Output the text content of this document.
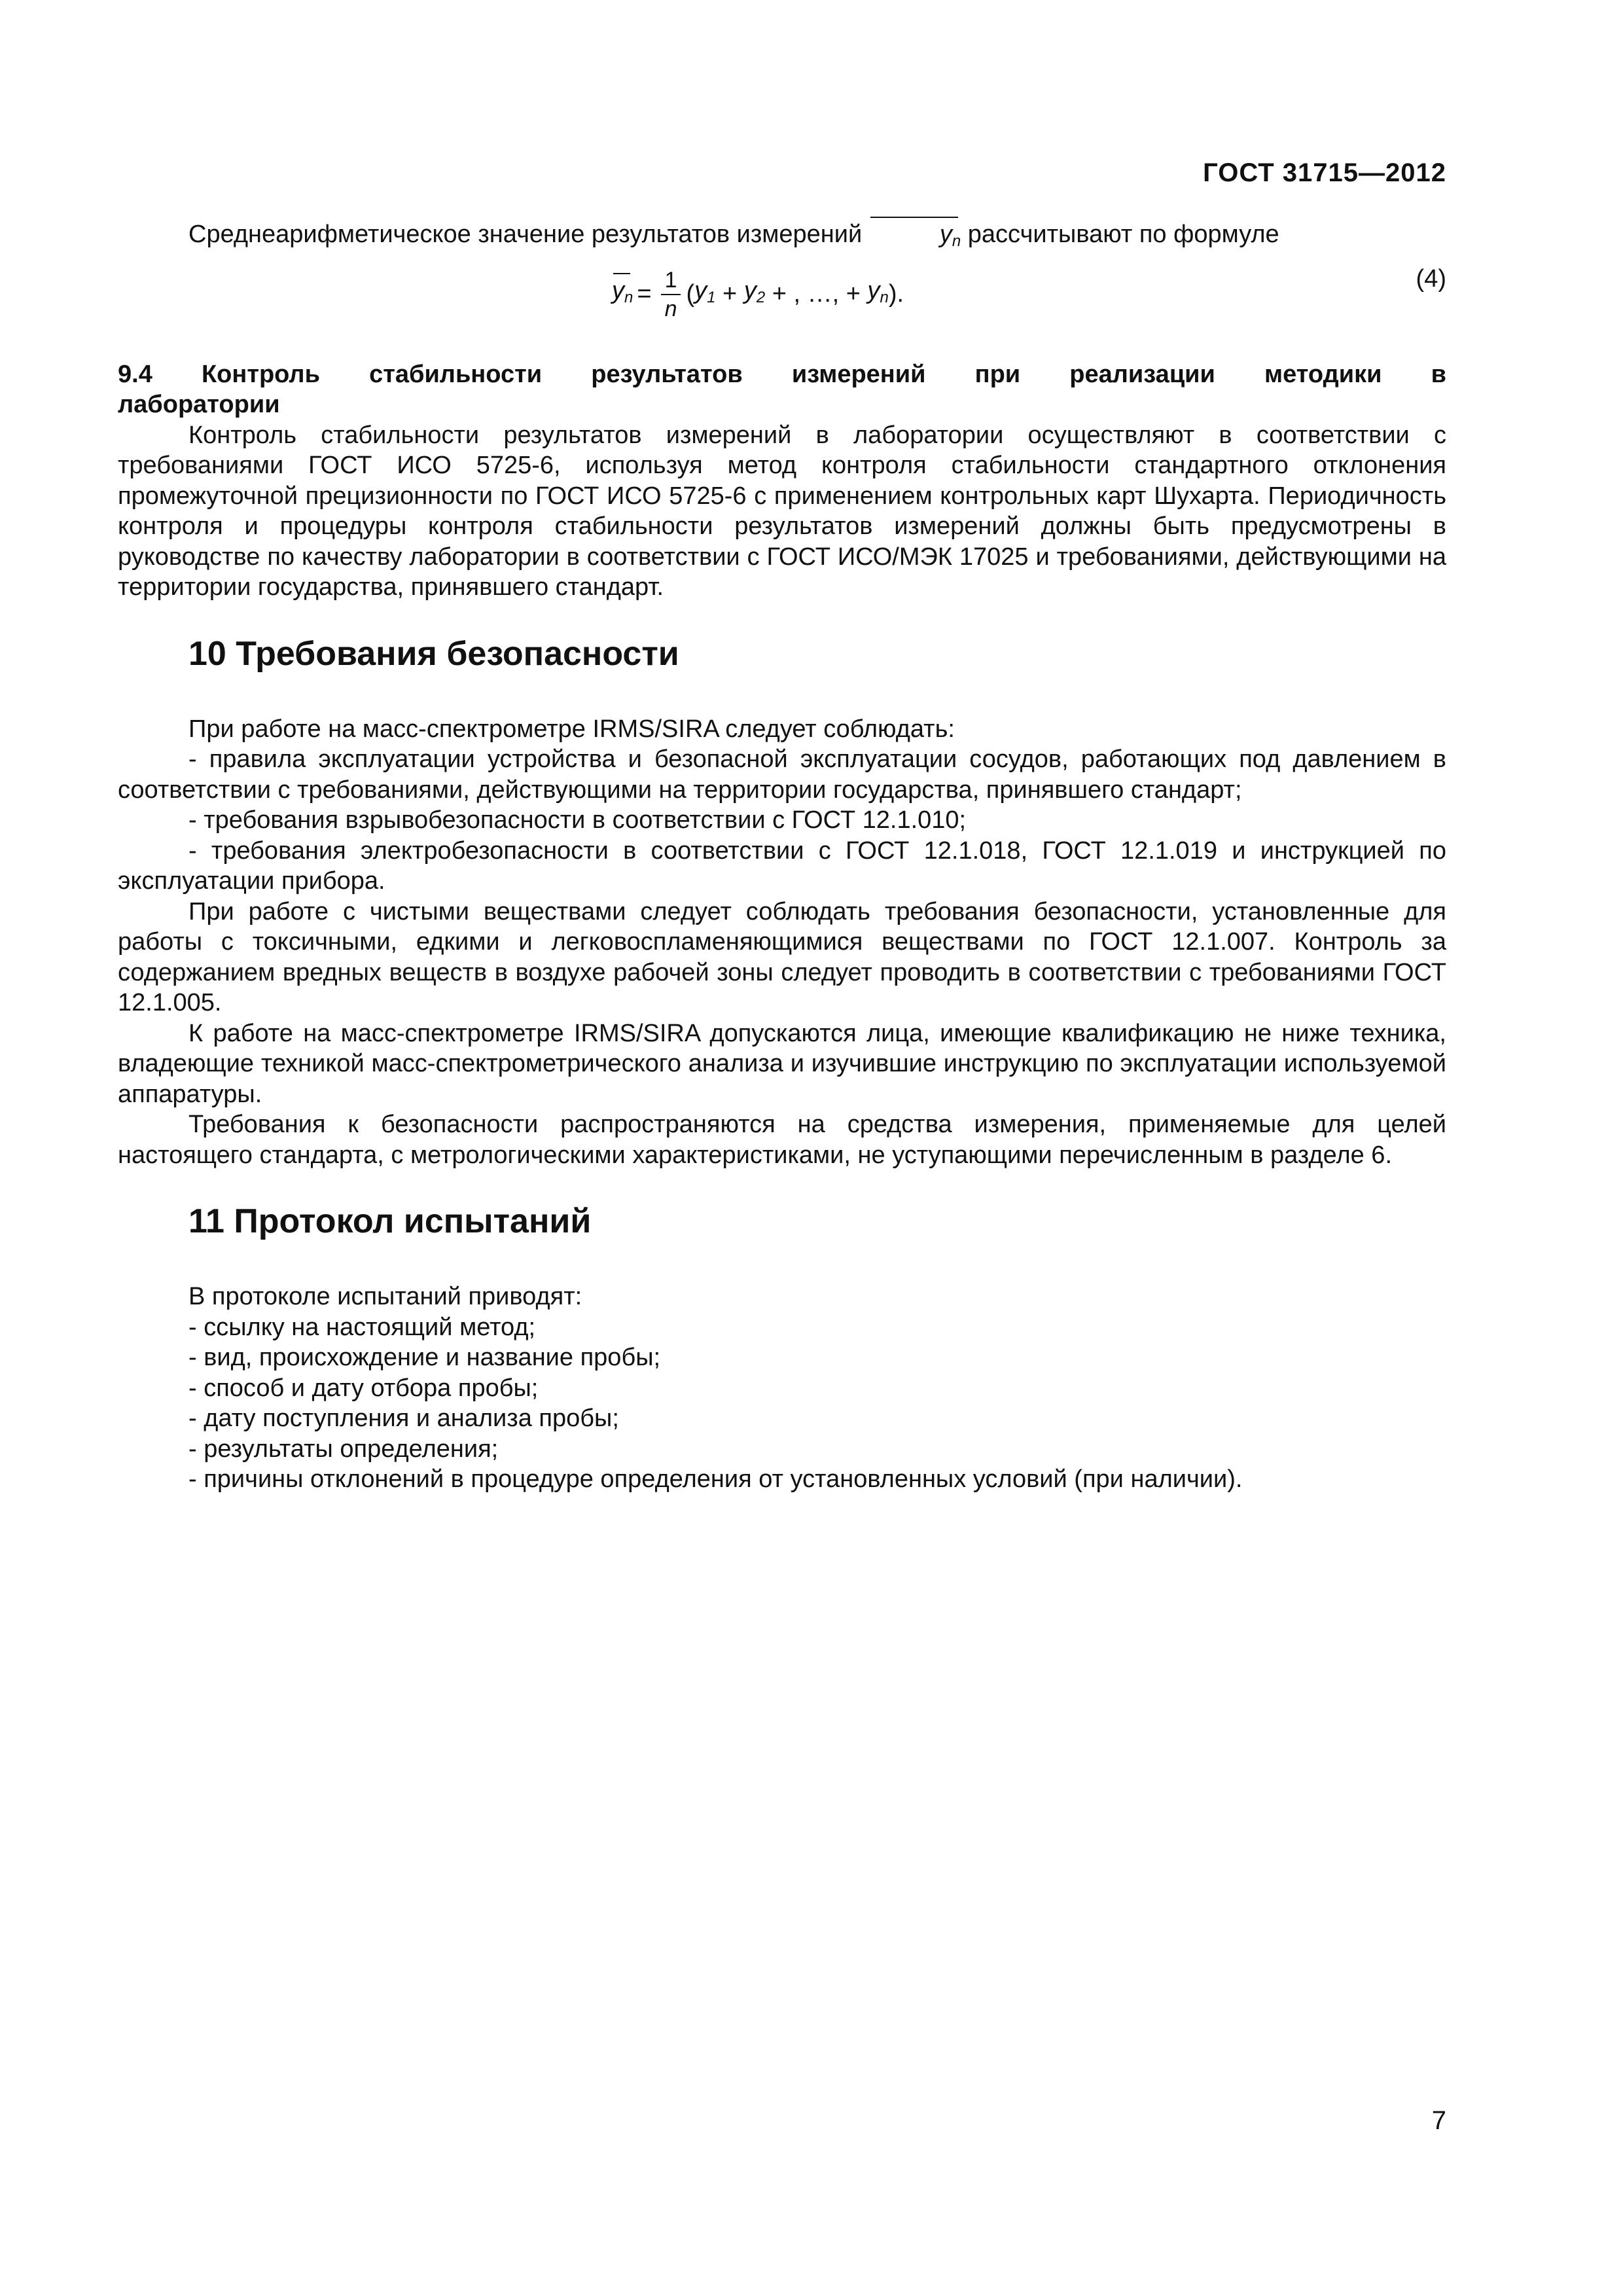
ГОСТ 31715—2012

Среднеарифметическое значение результатов измерений	$y_n$ рассчитывают по формуле

$y_n = \frac{1}{n}$ ( $y_1 + y_2$ + , …, + $y_n$ ).
(4)

9.4 Контроль стабильности результатов измерений при реализации методики в

лаборатории

Контроль стабильности результатов измерений в лаборатории осуществляют в соответствии с требованиями ГОСТ ИСО 5725-6, используя метод контроля стабильности стандартного отклонения промежуточной прецизионности по ГОСТ ИСО 5725-6 с применением контрольных карт Шухарта. Периодичность контроля и процедуры контроля стабильности результатов измерений должны быть предусмотрены в руководстве по качеству лаборатории в соответствии с ГОСТ ИСО/МЭК 17025 и требованиями, действующими на территории государства, принявшего стандарт.

10 Требования безопасности

При работе на масс-спектрометре IRMS/SIRA следует соблюдать:

- правила эксплуатации устройства и безопасной эксплуатации сосудов, работающих под давлением в соответствии с требованиями, действующими на территории государства, принявшего стандарт;

- требования взрывобезопасности в соответствии с ГОСТ 12.1.010;

- требования электробезопасности в соответствии с ГОСТ 12.1.018, ГОСТ 12.1.019 и инструкцией по эксплуатации прибора.

При работе с чистыми веществами следует соблюдать требования безопасности, установленные для работы с токсичными, едкими и легковоспламеняющимися веществами по ГОСТ 12.1.007. Контроль за содержанием вредных веществ в воздухе рабочей зоны следует проводить в соответствии с требованиями ГОСТ 12.1.005.

К работе на масс-спектрометре IRMS/SIRA допускаются лица, имеющие квалификацию не ниже техника, владеющие техникой масс-спектрометрического анализа и изучившие инструкцию по эксплуатации используемой аппаратуры.

Требования к безопасности распространяются на средства измерения, применяемые для целей настоящего стандарта, с метрологическими характеристиками, не уступающими перечисленным в разделе 6.

11 Протокол испытаний

В протоколе испытаний приводят:

- ссылку на настоящий метод;

- вид, происхождение и название пробы;

- способ и дату отбора пробы;

- дату поступления и анализа пробы;

- результаты определения;

- причины отклонений в процедуре определения от установленных условий (при наличии).

7
